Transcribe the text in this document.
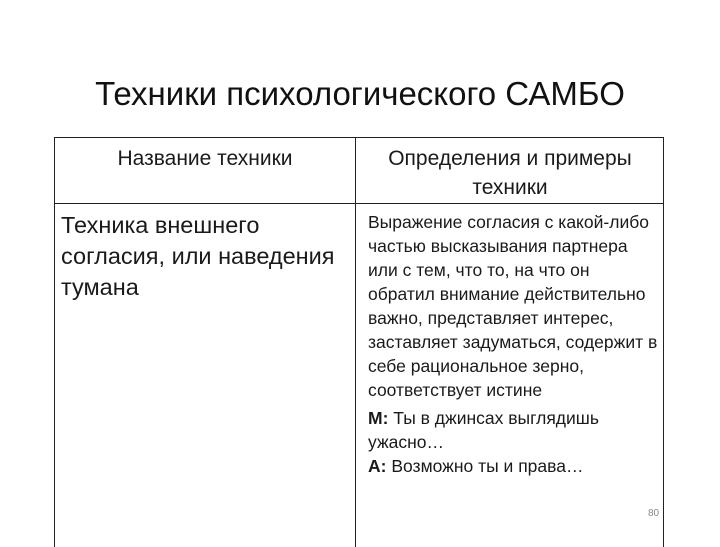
Техники психологического САМБО
Название техники	Определения и примеры техники
Техника внешнего согласия, или наведения тумана
Выражение согласия с какой-либо частью высказывания партнера или с тем, что то, на что он обратил внимание действительно важно, представляет интерес, заставляет задуматься, содержит в себе рациональное зерно, соответствует истине
М: Ты в джинсах выглядишь ужасно…
А: Возможно ты и права…
80
